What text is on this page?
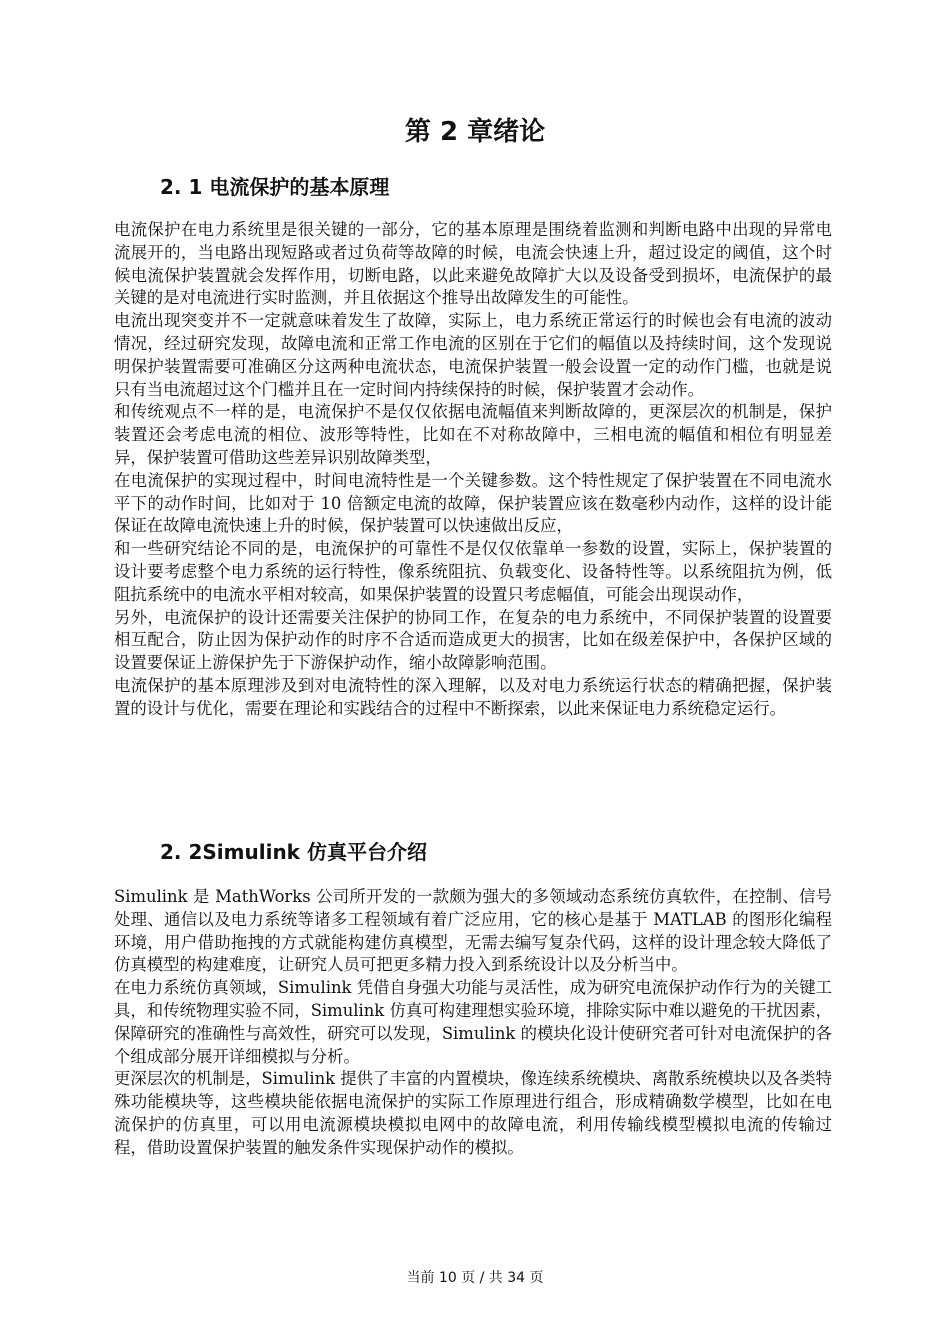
第 2 章绪论
2. 1 电流保护的基本原理

电流保护在电力系统里是很关键的一部分，它的基本原理是围绕着监测和判断电路中出现的异常电流展开的，当电路出现短路或者过负荷等故障的时候，电流会快速上升，超过设定的阈值，这个时候电流保护装置就会发挥作用，切断电路，以此来避免故障扩大以及设备受到损坏，电流保护的最关键的是对电流进行实时监测，并且依据这个推导出故障发生的可能性。

电流出现突变并不一定就意味着发生了故障，实际上，电力系统正常运行的时候也会有电流的波动情况，经过研究发现，故障电流和正常工作电流的区别在于它们的幅值以及持续时间，这个发现说明保护装置需要可准确区分这两种电流状态，电流保护装置一般会设置一定的动作门槛，也就是说只有当电流超过这个门槛并且在一定时间内持续保持的时候，保护装置才会动作。

和传统观点不一样的是，电流保护不是仅仅依据电流幅值来判断故障的，更深层次的机制是，保护装置还会考虑电流的相位、波形等特性，比如在不对称故障中，三相电流的幅值和相位有明显差异，保护装置可借助这些差异识别故障类型，

在电流保护的实现过程中，时间电流特性是一个关键参数。这个特性规定了保护装置在不同电流水平下的动作时间，比如对于 10 倍额定电流的故障，保护装置应该在数毫秒内动作，这样的设计能保证在故障电流快速上升的时候，保护装置可以快速做出反应，

和一些研究结论不同的是，电流保护的可靠性不是仅仅依靠单一参数的设置，实际上，保护装置的设计要考虑整个电力系统的运行特性，像系统阻抗、负载变化、设备特性等。以系统阻抗为例，低阻抗系统中的电流水平相对较高，如果保护装置的设置只考虑幅值，可能会出现误动作，

另外，电流保护的设计还需要关注保护的协同工作，在复杂的电力系统中，不同保护装置的设置要相互配合，防止因为保护动作的时序不合适而造成更大的损害，比如在级差保护中，各保护区域的设置要保证上游保护先于下游保护动作，缩小故障影响范围。

电流保护的基本原理涉及到对电流特性的深入理解，以及对电力系统运行状态的精确把握，保护装置的设计与优化，需要在理论和实践结合的过程中不断探索，以此来保证电力系统稳定运行。

2. 2Simulink 仿真平台介绍

Simulink 是 MathWorks 公司所开发的一款颇为强大的多领域动态系统仿真软件，在控制、信号处理、通信以及电力系统等诸多工程领域有着广泛应用，它的核心是基于 MATLAB 的图形化编程环境，用户借助拖拽的方式就能构建仿真模型，无需去编写复杂代码，这样的设计理念较大降低了仿真模型的构建难度，让研究人员可把更多精力投入到系统设计以及分析当中。

在电力系统仿真领域，Simulink 凭借自身强大功能与灵活性，成为研究电流保护动作行为的关键工具，和传统物理实验不同，Simulink 仿真可构建理想实验环境，排除实际中难以避免的干扰因素，保障研究的准确性与高效性，研究可以发现，Simulink 的模块化设计使研究者可针对电流保护的各个组成部分展开详细模拟与分析。

更深层次的机制是，Simulink 提供了丰富的内置模块，像连续系统模块、离散系统模块以及各类特殊功能模块等，这些模块能依据电流保护的实际工作原理进行组合，形成精确数学模型，比如在电流保护的仿真里，可以用电流源模块模拟电网中的故障电流，利用传输线模型模拟电流的传输过程，借助设置保护装置的触发条件实现保护动作的模拟。

当前 10 页 / 共 34 页
